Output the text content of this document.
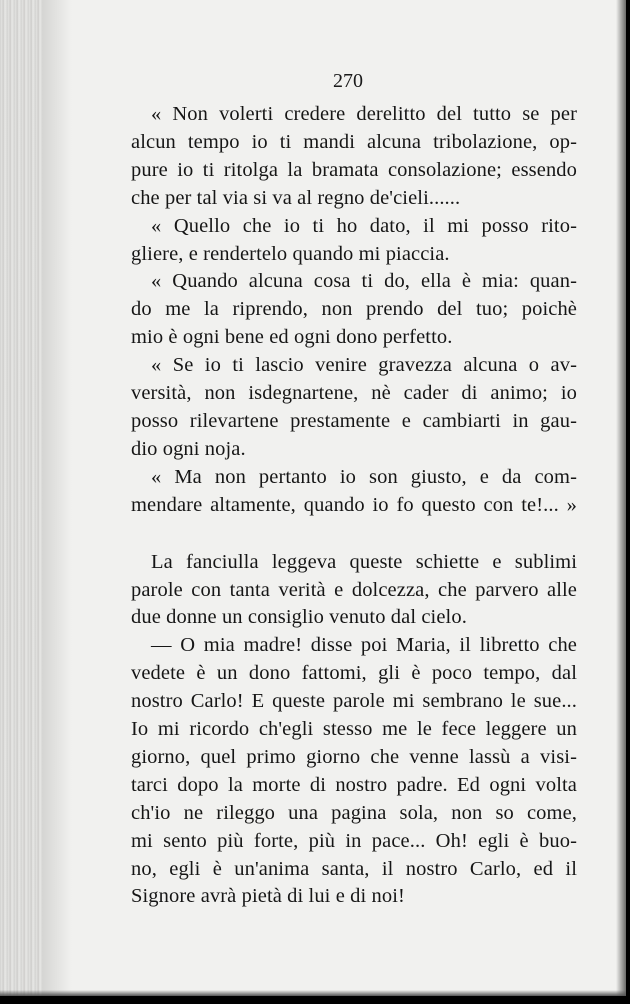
270

« Non volerti credere derelitto del tutto se per
alcun tempo io ti mandi alcuna tribolazione, op-
pure io ti ritolga la bramata consolazione; essendo
che per tal via si va al regno de'cieli......
« Quello che io ti ho dato, il mi posso rito-
gliere, e rendertelo quando mi piaccia.
« Quando alcuna cosa ti do, ella è mia: quan-
do me la riprendo, non prendo del tuo; poichè
mio è ogni bene ed ogni dono perfetto.
« Se io ti lascio venire gravezza alcuna o av-
versità, non isdegnartene, nè cader di animo; io
posso rilevartene prestamente e cambiarti in gau-
dio ogni noja.
« Ma non pertanto io son giusto, e da com-
mendare altamente, quando io fo questo con te!... »
La fanciulla leggeva queste schiette e sublimi
parole con tanta verità e dolcezza, che parvero alle
due donne un consiglio venuto dal cielo.
— O mia madre! disse poi Maria, il libretto che
vedete è un dono fattomi, gli è poco tempo, dal
nostro Carlo! E queste parole mi sembrano le sue...
Io mi ricordo ch'egli stesso me le fece leggere un
giorno, quel primo giorno che venne lassù a visi-
tarci dopo la morte di nostro padre. Ed ogni volta
ch'io ne rileggo una pagina sola, non so come,
mi sento più forte, più in pace... Oh! egli è buo-
no, egli è un'anima santa, il nostro Carlo, ed il
Signore avrà pietà di lui e di noi!
